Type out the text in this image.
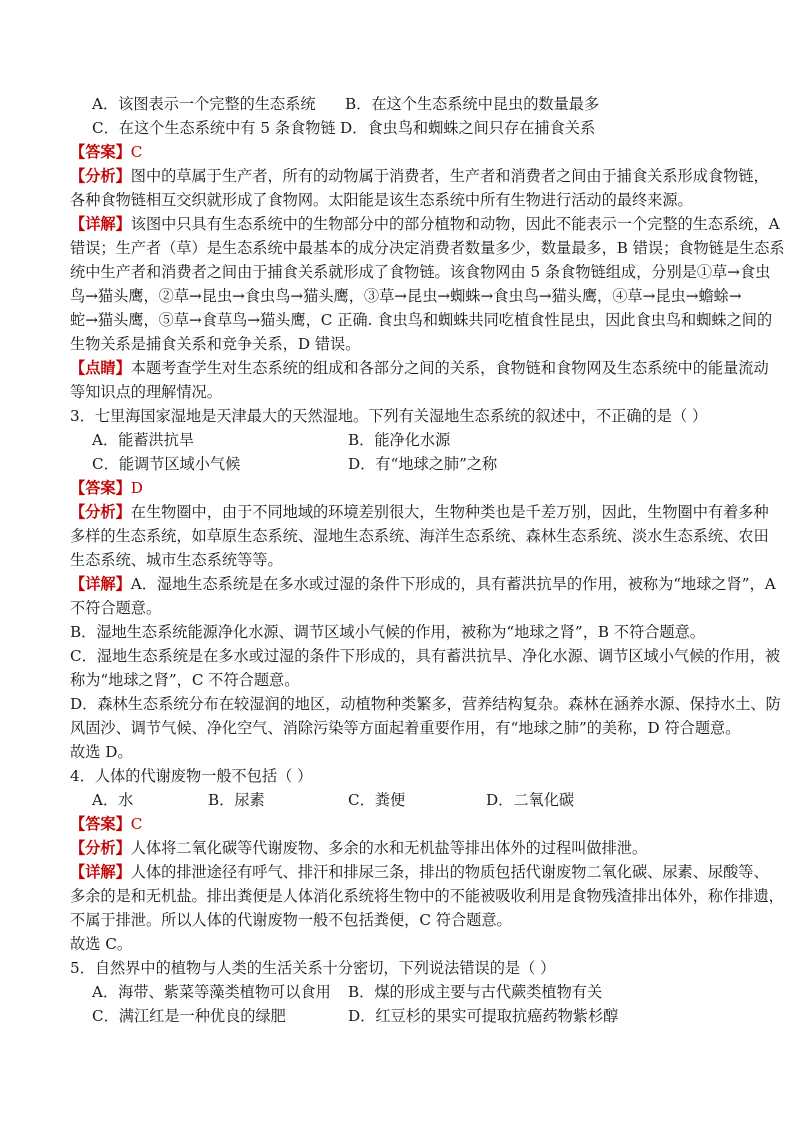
A．该图表示一个完整的生态系统 B．在这个生态系统中昆虫的数量最多
C．在这个生态系统中有 5 条食物链 D．食虫鸟和蜘蛛之间只存在捕食关系
【答案】C
【分析】图中的草属于生产者，所有的动物属于消费者，生产者和消费者之间由于捕食关系形成食物链，
各种食物链相互交织就形成了食物网。太阳能是该生态系统中所有生物进行活动的最终来源。
【详解】该图中只具有生态系统中的生物部分中的部分植物和动物，因此不能表示一个完整的生态系统，A
错误；生产者（草）是生态系统中最基本的成分决定消费者数量多少，数量最多，B 错误；食物链是生态系
统中生产者和消费者之间由于捕食关系就形成了食物链。该食物网由 5 条食物链组成，分别是①草→食虫
鸟→猫头鹰，②草→昆虫→食虫鸟→猫头鹰，③草→昆虫→蜘蛛→食虫鸟→猫头鹰，④草→昆虫→蟾蜍→
蛇→猫头鹰，⑤草→食草鸟→猫头鹰，C 正确. 食虫鸟和蜘蛛共同吃植食性昆虫，因此食虫鸟和蜘蛛之间的
生物关系是捕食关系和竞争关系，D 错误。
【点睛】本题考查学生对生态系统的组成和各部分之间的关系，食物链和食物网及生态系统中的能量流动
等知识点的理解情况。
3．七里海国家湿地是天津最大的天然湿地。下列有关湿地生态系统的叙述中，不正确的是（ ）
A．能蓄洪抗旱	B．能净化水源
C．能调节区域小气候	D．有“地球之肺”之称
【答案】D
【分析】在生物圈中，由于不同地域的环境差别很大，生物种类也是千差万别，因此，生物圈中有着多种
多样的生态系统，如草原生态系统、湿地生态系统、海洋生态系统、森林生态系统、淡水生态系统、农田
生态系统、城市生态系统等等。
【详解】A．湿地生态系统是在多水或过湿的条件下形成的，具有蓄洪抗旱的作用，被称为“地球之肾”，A
不符合题意。
B．湿地生态系统能源净化水源、调节区域小气候的作用，被称为“地球之肾”，B 不符合题意。
C．湿地生态系统是在多水或过湿的条件下形成的，具有蓄洪抗旱、净化水源、调节区域小气候的作用，被
称为“地球之肾”，C 不符合题意。
D．森林生态系统分布在较湿润的地区，动植物种类繁多，营养结构复杂。森林在涵养水源、保持水土、防
风固沙、调节气候、净化空气、消除污染等方面起着重要作用，有“地球之肺”的美称，D 符合题意。
故选 D。
4．人体的代谢废物一般不包括（ ）
A．水	B．尿素	C．粪便	D．二氧化碳
【答案】C
【分析】人体将二氧化碳等代谢废物、多余的水和无机盐等排出体外的过程叫做排泄。
【详解】人体的排泄途径有呼气、排汗和排尿三条，排出的物质包括代谢废物二氧化碳、尿素、尿酸等、
多余的是和无机盐。排出粪便是人体消化系统将生物中的不能被吸收利用是食物残渣排出体外，称作排遗，
不属于排泄。所以人体的代谢废物一般不包括粪便，C 符合题意。
故选 C。
5．自然界中的植物与人类的生活关系十分密切，下列说法错误的是（ ）
A．海带、紫菜等藻类植物可以食用 B．煤的形成主要与古代蕨类植物有关
C．满江红是一种优良的绿肥	D．红豆杉的果实可提取抗癌药物紫杉醇
